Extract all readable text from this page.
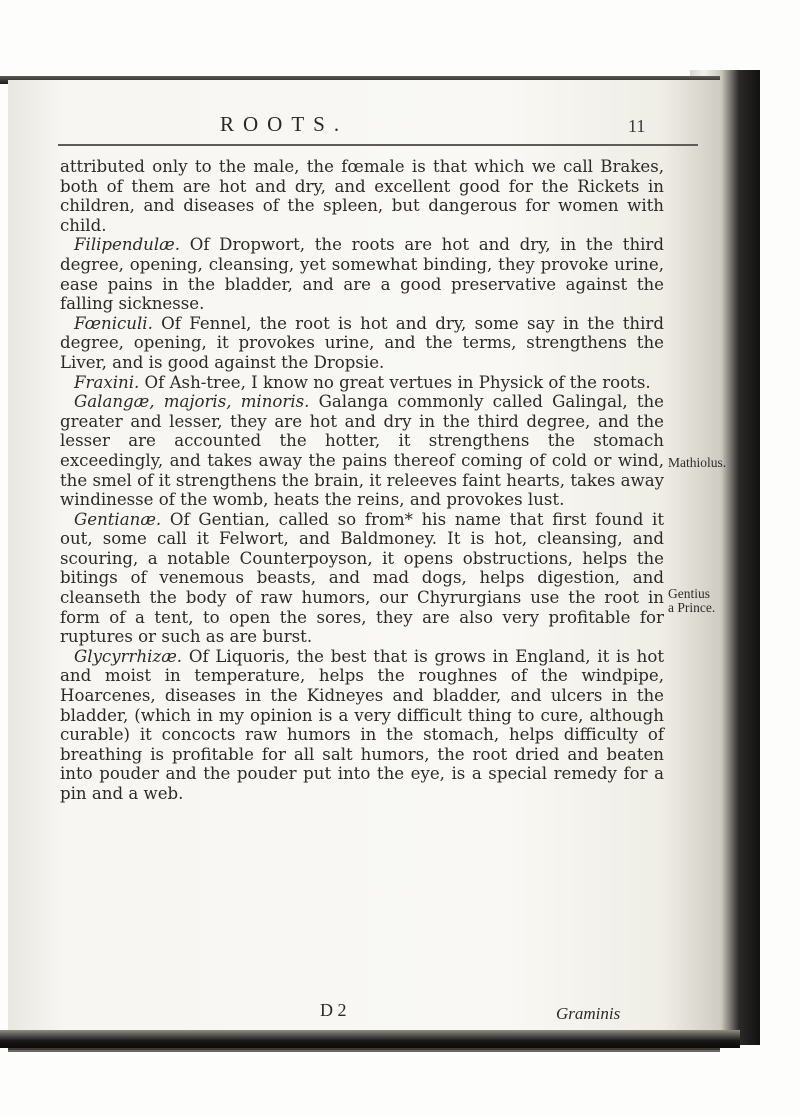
ROOTS.	11

attributed only to the male, the fœmale is that which we call Brakes, both of them are hot and dry, and excellent good for the Rickets in children, and diseases of the spleen, but dangerous for women with child.

Filipendulæ. Of Dropwort, the roots are hot and dry, in the third degree, opening, cleansing, yet somewhat binding, they provoke urine, ease pains in the bladder, and are a good preservative against the falling sicknesse.

Fœniculi. Of Fennel, the root is hot and dry, some say in the third degree, opening, it provokes urine, and the terms, strengthens the Liver, and is good against the Dropsie.

Fraxini. Of Ash-tree, I know no great vertues in Physick of the roots.

Galangæ, majoris, minoris. Galanga commonly called Galingal, the greater and lesser, they are hot and dry in the third degree, and the lesser are accounted the hotter, it strengthens the stomach exceedingly, and takes away the pains thereof coming of cold or wind, the smel of it strengthens the brain, it releeves faint hearts, takes away windinesse of the womb, heats the reins, and provokes lust.

Gentianæ. Of Gentian, called so from* his name that first found it out, some call it Felwort, and Baldmoney. It is hot, cleansing, and scouring, a notable Counterpoyson, it opens obstructions, helps the bitings of venemous beasts, and mad dogs, helps digestion, and cleanseth the body of raw humors, our Chyrurgians use the root in form of a tent, to open the sores, they are also very profitable for ruptures or such as are burst.

Glycyrrhizæ. Of Liquoris, the best that is grows in England, it is hot and moist in temperature, helps the roughnes of the windpipe, Hoarcenes, diseases in the Kidneyes and bladder, and ulcers in the bladder, (which in my opinion is a very difficult thing to cure, although curable) it concocts raw humors in the stomach, helps difficulty of breathing is profitable for all salt humors, the root dried and beaten into pouder and the pouder put into the eye, is a special remedy for a pin and a web.

Mathiolus.
Gentius
a Prince.
D 2	Graminis
